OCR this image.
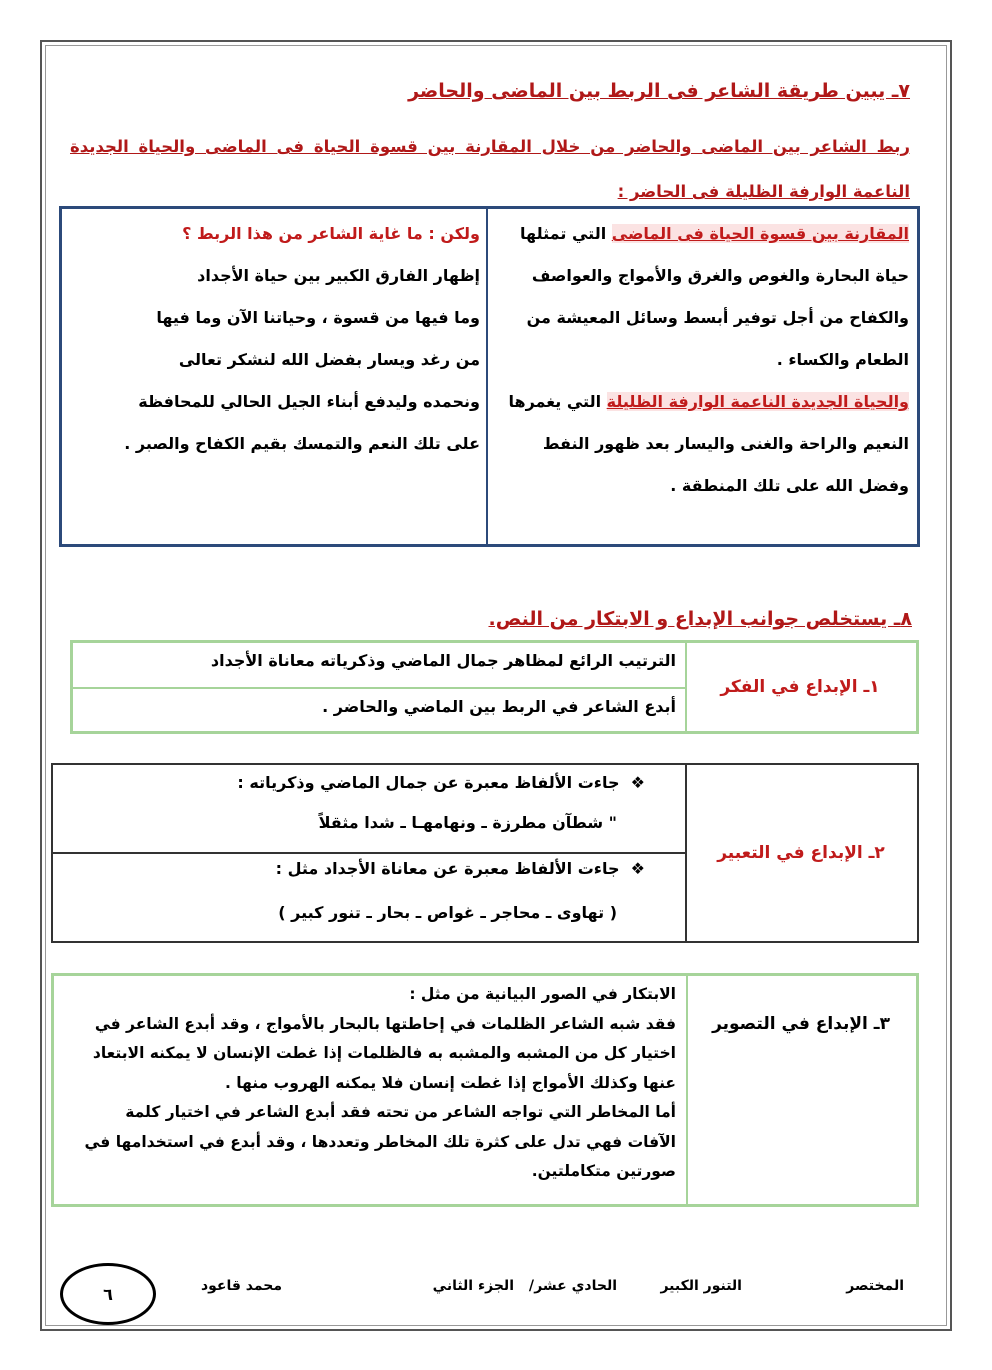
٧ـ يبين طريقة الشاعر فى الربط بين الماضى والحاضر
ربط الشاعر بين الماضى والحاضر من خلال المقارنة بين قسوة الحياة فى الماضى والحياة الجديدة الناعمة الوارفة الظليلة فى الحاضر :
المقارنة بين قسوة الحياة فى الماضى التي تمثلها
حياة البحارة والغوص والغرق والأمواج والعواصف
والكفاح من أجل توفير أبسط وسائل المعيشة من
الطعام والكساء .
والحياة الجديدة الناعمة الوارفة الظليلة التي يغمرها
النعيم والراحة والغنى واليسار بعد ظهور النفط
وفضل الله على تلك المنطقة .
ولكن : ما غاية الشاعر من هذا الربط ؟
إظهار الفارق الكبير بين حياة الأجداد
وما فيها من قسوة ، وحياتنا الآن وما فيها
من رغد ويسار بفضل الله لنشكر تعالى
ونحمده وليدفع أبناء الجيل الحالي للمحافظة
على تلك النعم والتمسك بقيم الكفاح والصبر .
٨ـ يستخلص جوانب الإبداع و الابتكار من النص.
١ـ الإبداع في الفكر
الترتيب الرائع لمظاهر جمال الماضي وذكرياته معاناة الأجداد
أبدع الشاعر في الربط بين الماضي والحاضر .
٢ـ الإبداع في التعبير
❖  جاءت الألفاظ معبرة عن جمال الماضي وذكرياته :
" شطآن مطرزة ـ ونهامهـا ـ شدا مثقلاً
❖  جاءت الألفاظ معبرة عن معاناة الأجداد مثل :
( تهاوى ـ محاجر ـ غواص ـ بحار ـ تنور كبير )
٣ـ الإبداع في التصوير
الابتكار في الصور البيانية من مثل :
فقد شبه الشاعر الظلمات في إحاطتها بالبحار بالأمواج ، وقد أبدع الشاعر في
اختيار كل من المشبه والمشبه به فالظلمات إذا غطت الإنسان لا يمكنه الابتعاد
عنها وكذلك الأمواج إذا غطت إنسان فلا يمكنه الهروب منها .
أما المخاطر التي تواجه الشاعر من تحته فقد أبدع الشاعر في اختيار كلمة
الآفات فهي تدل على كثرة تلك المخاطر وتعددها ، وقد أبدع في استخدامها في
صورتين متكاملتين.
المختصر
التنور الكبير
الحادي عشر
/
الجزء الثاني
محمد قاعود
٦
